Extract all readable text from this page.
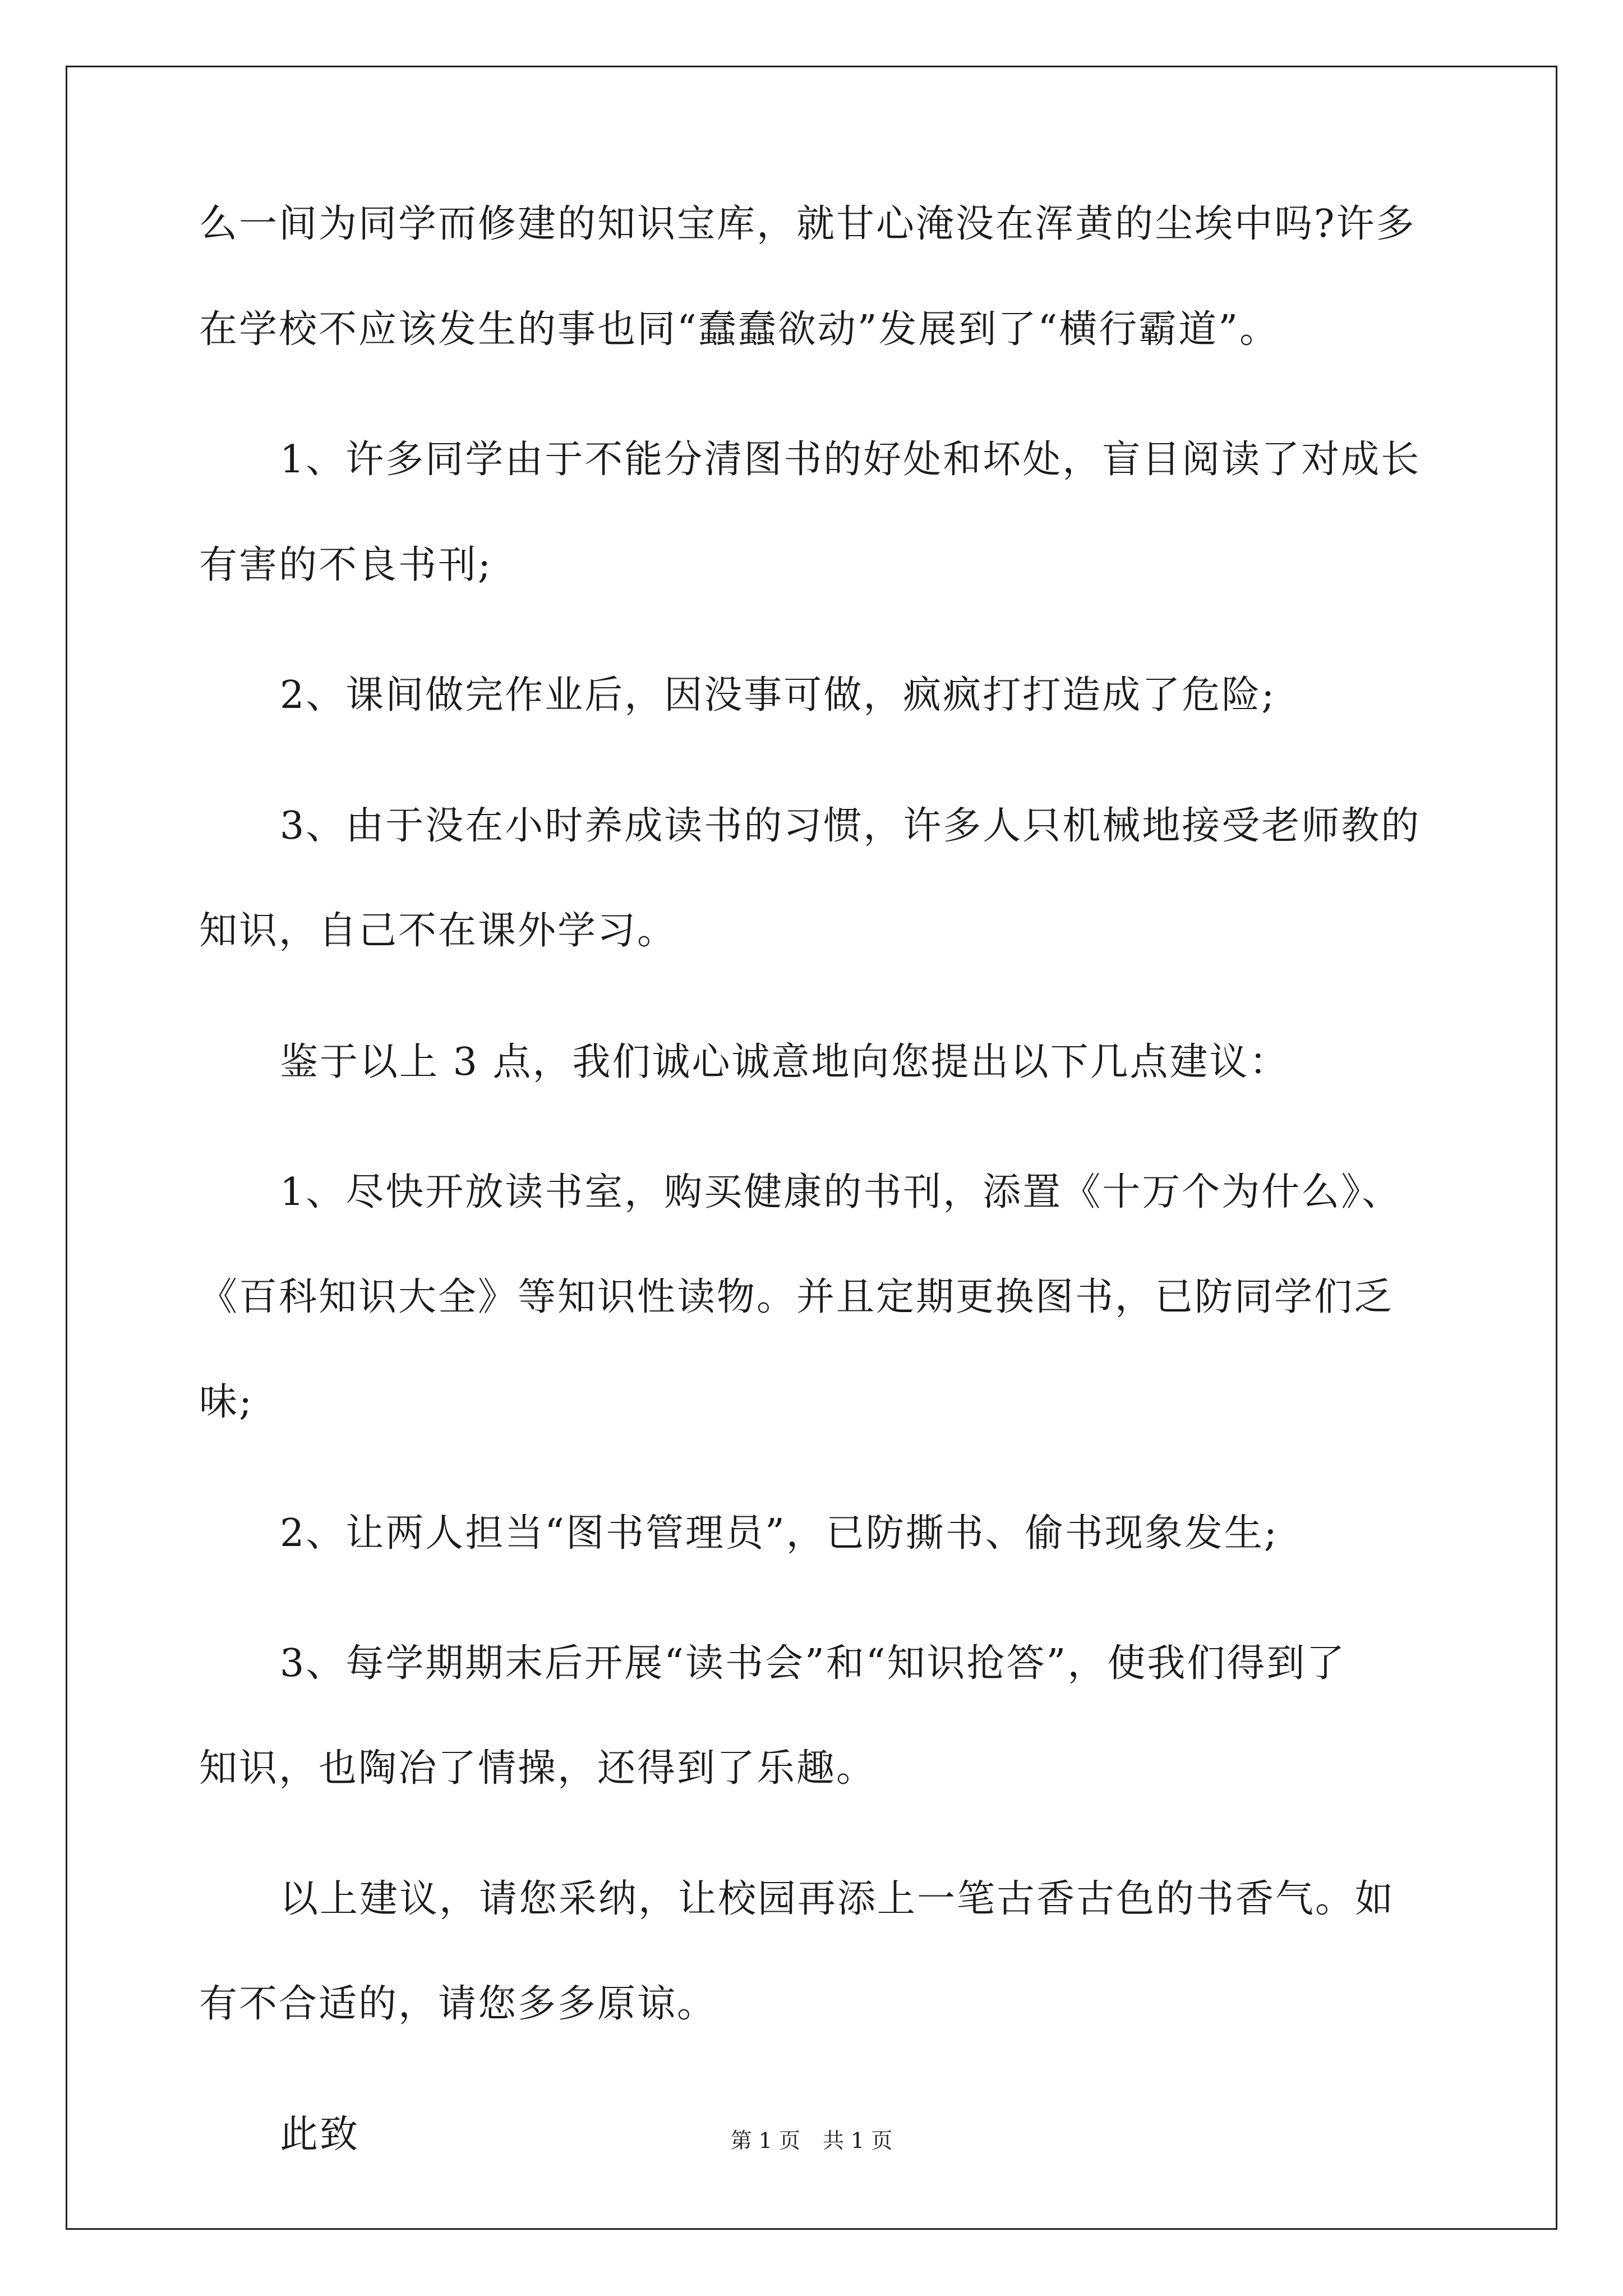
么一间为同学而修建的知识宝库，就甘心淹没在浑黄的尘埃中吗?许多
在学校不应该发生的事也同“蠢蠢欲动”发展到了“横行霸道”。
1、许多同学由于不能分清图书的好处和坏处，盲目阅读了对成长
有害的不良书刊;
2、课间做完作业后，因没事可做，疯疯打打造成了危险;
3、由于没在小时养成读书的习惯，许多人只机械地接受老师教的
知识，自己不在课外学习。
鉴于以上 3 点，我们诚心诚意地向您提出以下几点建议：
1、尽快开放读书室，购买健康的书刊，添置《十万个为什么》、
《百科知识大全》等知识性读物。并且定期更换图书，已防同学们乏
味;
2、让两人担当“图书管理员”，已防撕书、偷书现象发生;
3、每学期期末后开展“读书会”和“知识抢答”，使我们得到了
知识，也陶冶了情操，还得到了乐趣。
以上建议，请您采纳，让校园再添上一笔古香古色的书香气。如
有不合适的，请您多多原谅。
此致	第 1 页 共 1 页
